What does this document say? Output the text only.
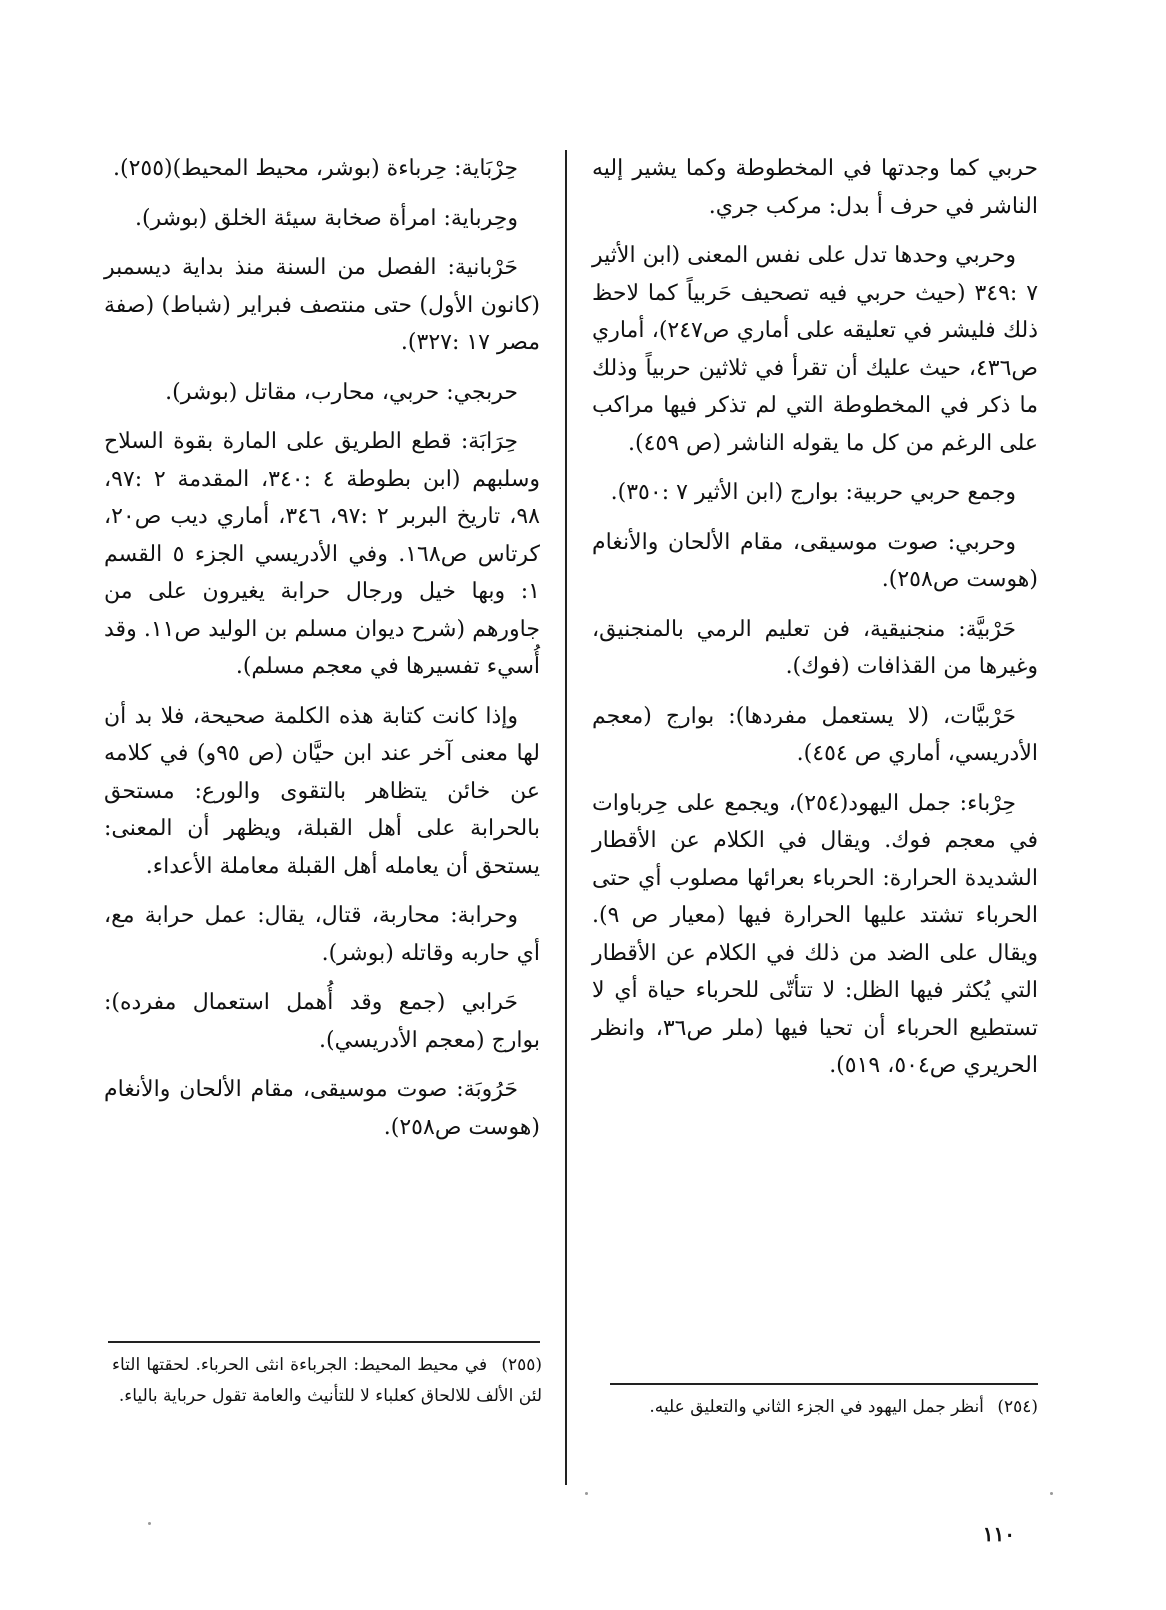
حربي كما وجدتها في المخطوطة وكما يشير إليه الناشر في حرف أ بدل: مركب جري.

وحربي وحدها تدل على نفس المعنى (ابن الأثير ٧ :٣٤٩ (حيث حربي فيه تصحيف حَربياً كما لاحظ ذلك فليشر في تعليقه على أماري ص٢٤٧)، أماري ص٤٣٦، حيث عليك أن تقرأ في ثلاثين حربياً وذلك ما ذكر في المخطوطة التي لم تذكر فيها مراكب على الرغم من كل ما يقوله الناشر (ص ٤٥٩).

وجمع حربي حربية: بوارج (ابن الأثير ٧ :٣٥٠).

وحربي: صوت موسيقى، مقام الألحان والأنغام (هوست ص٢٥٨).

حَرْبيَّة: منجنيقية، فن تعليم الرمي بالمنجنيق، وغيرها من القذافات (فوك).

حَرْبيَّات، (لا يستعمل مفردها): بوارج (معجم الأدريسي، أماري ص ٤٥٤).

حِرْباء: جمل اليهود(٢٥٤)، ويجمع على حِرباوات في معجم فوك. ويقال في الكلام عن الأقطار الشديدة الحرارة: الحرباء بعرائها مصلوب أي حتى الحرباء تشتد عليها الحرارة فيها (معيار ص ٩). ويقال على الضد من ذلك في الكلام عن الأقطار التي يُكثر فيها الظل: لا تتأتّى للحرباء حياة أي لا تستطيع الحرباء أن تحيا فيها (ملر ص٣٦، وانظر الحريري ص٥٠٤، ٥١٩).

حِرْبَاية: حِرباءة (بوشر، محيط المحيط)(٢٥٥).

وحِرباية: امرأة صخابة سيئة الخلق (بوشر).

حَرْبانية: الفصل من السنة منذ بداية ديسمبر (كانون الأول) حتى منتصف فبراير (شباط) (صفة مصر ١٧ :٣٢٧).

حربجي: حربي، محارب، مقاتل (بوشر).

حِرَابَة: قطع الطريق على المارة بقوة السلاح وسلبهم (ابن بطوطة ٤ :٣٤٠، المقدمة ٢ :٩٧، ٩٨، تاريخ البربر ٢ :٩٧، ٣٤٦، أماري ديب ص٢٠، كرتاس ص١٦٨. وفي الأدريسي الجزء ٥ القسم ١: وبها خيل ورجال حرابة يغيرون على من جاورهم (شرح ديوان مسلم بن الوليد ص١١. وقد أُسيء تفسيرها في معجم مسلم).

وإذا كانت كتابة هذه الكلمة صحيحة، فلا بد أن لها معنى آخر عند ابن حيَّان (ص ٩٥و) في كلامه عن خائن يتظاهر بالتقوى والورع: مستحق بالحرابة على أهل القبلة، ويظهر أن المعنى: يستحق أن يعامله أهل القبلة معاملة الأعداء.

وحرابة: محاربة، قتال، يقال: عمل حرابة مع، أي حاربه وقاتله (بوشر).

حَرابي (جمع وقد أُهمل استعمال مفرده): بوارج (معجم الأدريسي).

حَرُوبَة: صوت موسيقى، مقام الألحان والأنغام (هوست ص٢٥٨).

(٢٥٥) في محيط المحيط: الجرباءة انثى الحرباء. لحقتها التاء لئن الألف للالحاق كعلباء لا للتأنيث والعامة تقول حرباية بالياء.
(٢٥٤) أنظر جمل اليهود في الجزء الثاني والتعليق عليه.
١١٠
